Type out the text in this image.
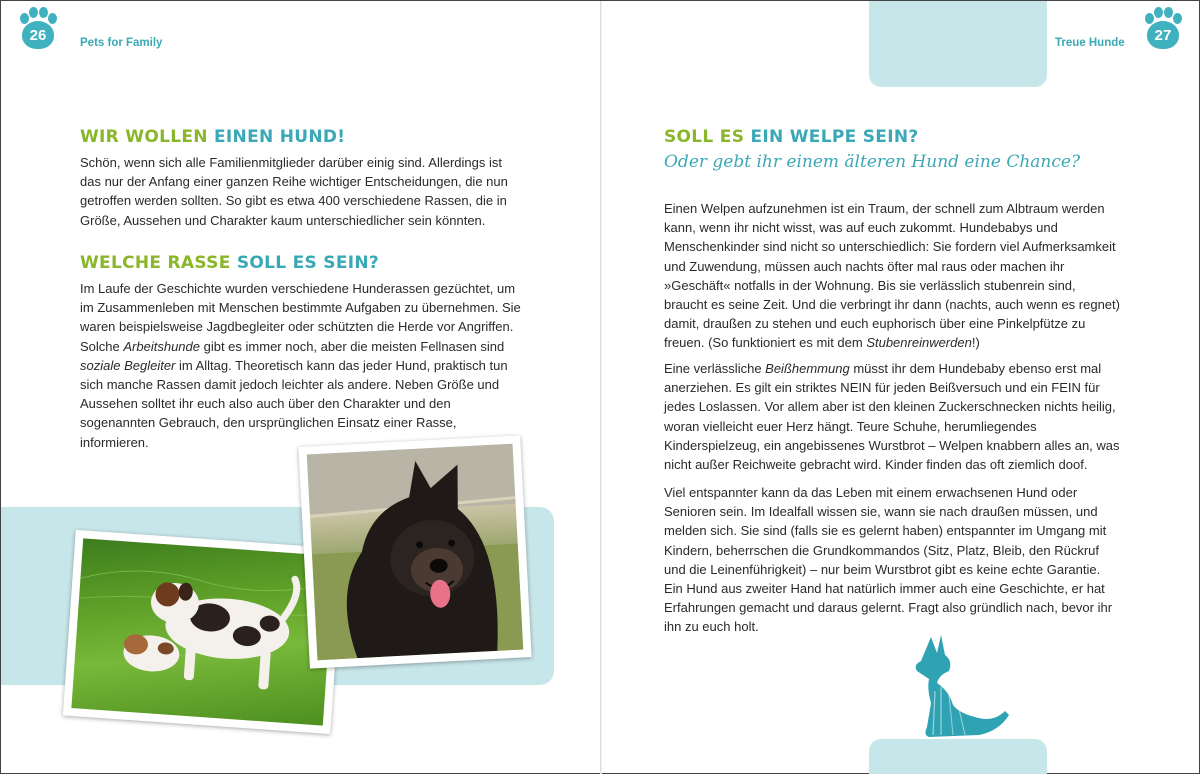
26	Pets for Family
WIR WOLLEN EINEN HUND!

Schön, wenn sich alle Familienmitglieder darüber einig sind. Allerdings ist das nur der Anfang einer ganzen Reihe wichtiger Entscheidungen, die nun getroffen werden sollten. So gibt es etwa 400 verschiedene Rassen, die in Größe, Aussehen und Charakter kaum unterschiedlicher sein könnten.

WELCHE RASSE SOLL ES SEIN?

Im Laufe der Geschichte wurden verschiedene Hunderassen gezüchtet, um im Zusammenleben mit Menschen bestimmte Aufgaben zu übernehmen. Sie waren beispielsweise Jagdbegleiter oder schützten die Herde vor Angriffen. Solche Arbeitshunde gibt es immer noch, aber die meisten Fellnasen sind soziale Begleiter im Alltag. Theoretisch kann das jeder Hund, praktisch tun sich manche Rassen damit jedoch leichter als andere. Neben Größe und Aussehen solltet ihr euch also auch über den Charakter und den sogenannten Gebrauch, den ursprünglichen Einsatz einer Rasse, informieren.

Treue Hunde	27
SOLL ES EIN WELPE SEIN?
Oder gebt ihr einem älteren Hund eine Chance?

Einen Welpen aufzunehmen ist ein Traum, der schnell zum Albtraum werden kann, wenn ihr nicht wisst, was auf euch zukommt. Hundebabys und Menschenkinder sind nicht so unterschiedlich: Sie fordern viel Aufmerksamkeit und Zuwendung, müssen auch nachts öfter mal raus oder machen ihr »Geschäft« notfalls in der Wohnung. Bis sie verlässlich stubenrein sind, braucht es seine Zeit. Und die verbringt ihr dann (nachts, auch wenn es regnet) damit, draußen zu stehen und euch euphorisch über eine Pinkelpfütze zu freuen. (So funktioniert es mit dem Stubenreinwerden!)

Eine verlässliche Beißhemmung müsst ihr dem Hundebaby ebenso erst mal anerziehen. Es gilt ein striktes NEIN für jeden Beißversuch und ein FEIN für jedes Loslassen. Vor allem aber ist den kleinen Zuckerschnecken nichts heilig, woran vielleicht euer Herz hängt. Teure Schuhe, herumliegendes Kinderspielzeug, ein angebissenes Wurstbrot – Welpen knabbern alles an, was nicht außer Reichweite gebracht wird. Kinder finden das oft ziemlich doof.

Viel entspannter kann da das Leben mit einem erwachsenen Hund oder Senioren sein. Im Idealfall wissen sie, wann sie nach draußen müssen, und melden sich. Sie sind (falls sie es gelernt haben) entspannter im Umgang mit Kindern, beherrschen die Grundkommandos (Sitz, Platz, Bleib, den Rückruf und die Leinenführigkeit) – nur beim Wurstbrot gibt es keine echte Garantie. Ein Hund aus zweiter Hand hat natürlich immer auch eine Geschichte, er hat Erfahrungen gemacht und daraus gelernt. Fragt also gründlich nach, bevor ihr ihn zu euch holt.
